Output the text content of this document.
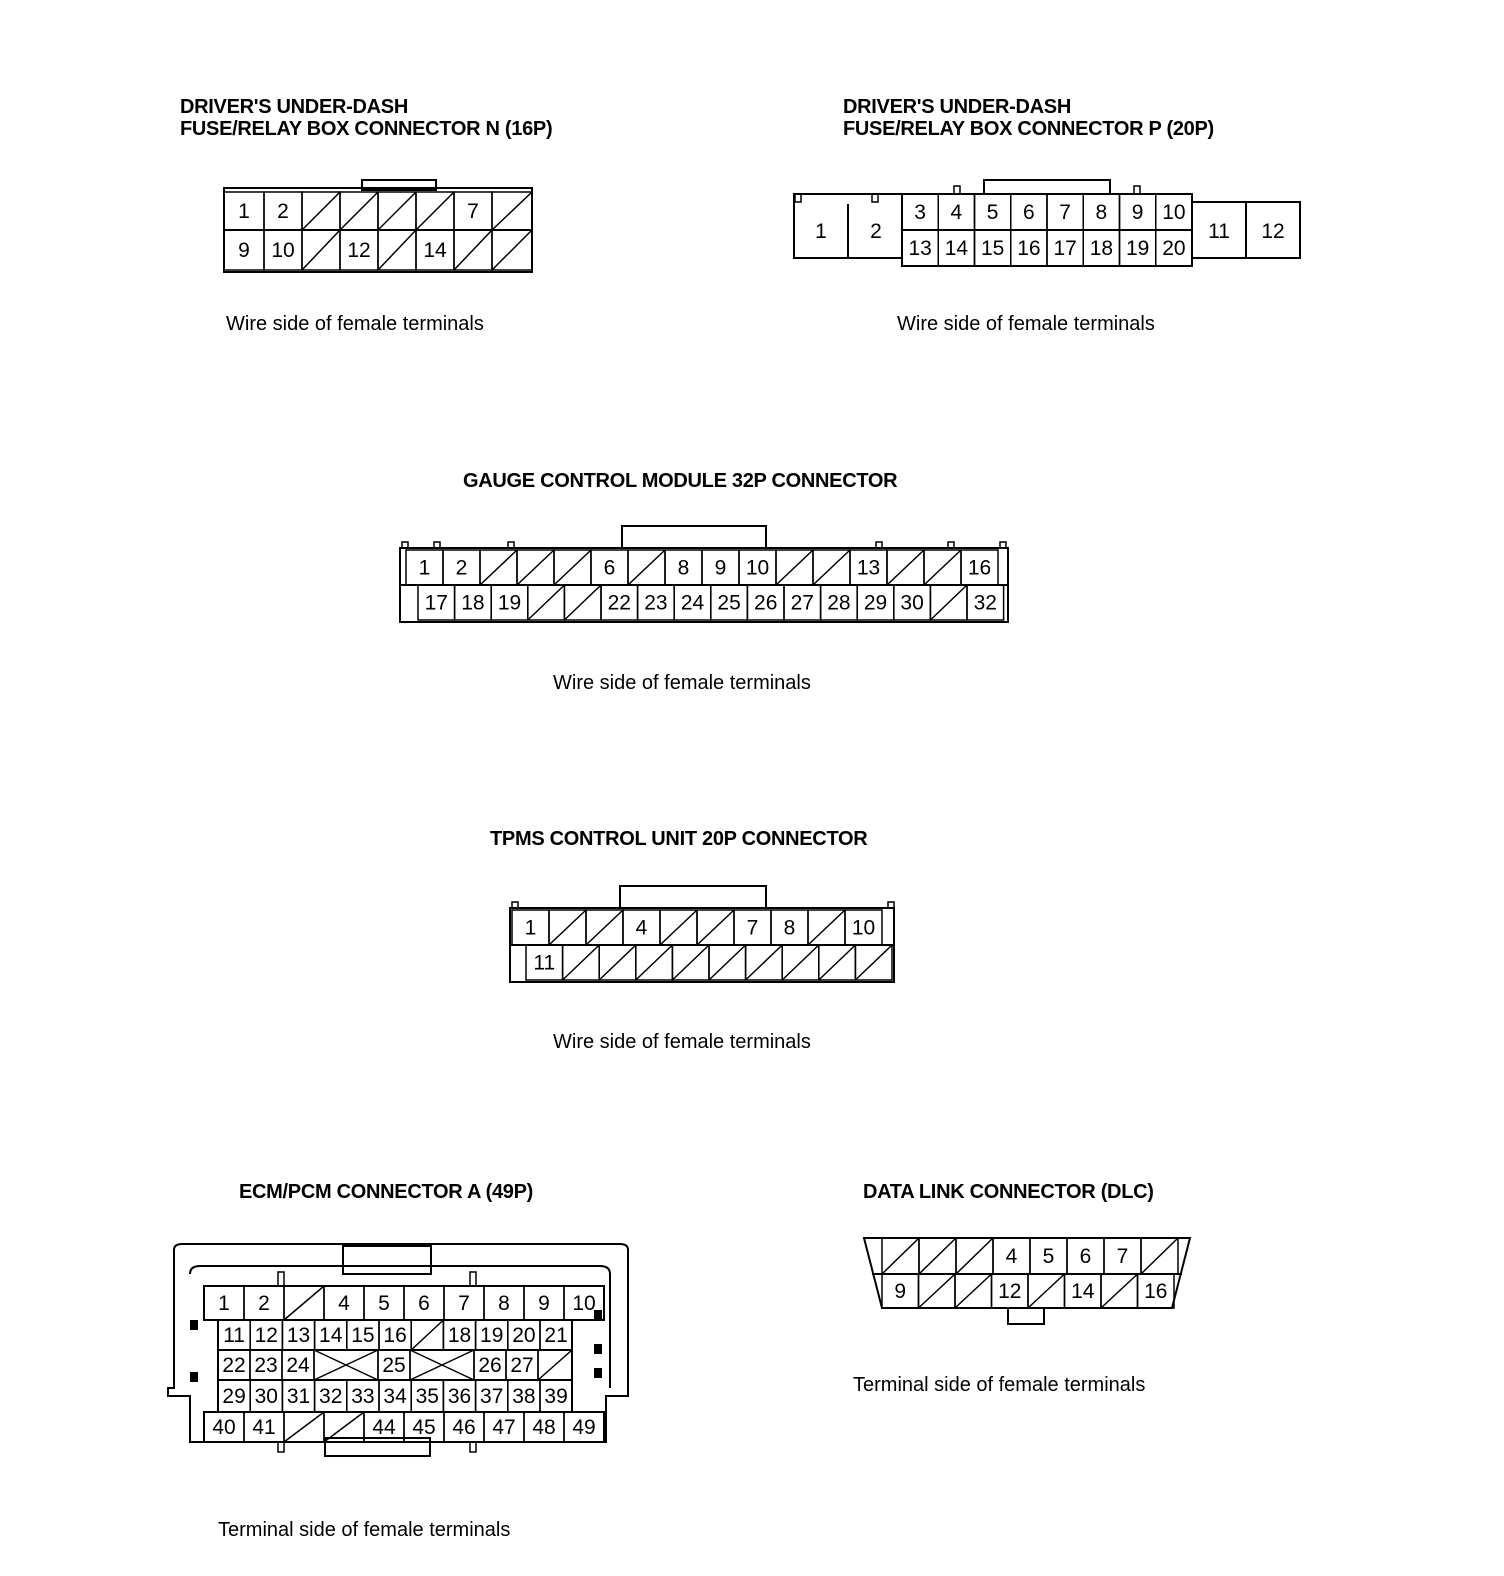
DRIVER'S UNDER-DASH
FUSE/RELAY BOX CONNECTOR N (16P)
1 2	7
9 10	12	14
Wire side of female terminals
DRIVER'S UNDER-DASH
FUSE/RELAY BOX CONNECTOR P (20P)
1 2
3 4 5 6 7 8 9 10
13 14 15 16 17 18 19 20
11 12
Wire side of female terminals
GAUGE CONTROL MODULE 32P CONNECTOR
1 2	6	8 9 10	13	16
17 18 19	22 23 24 25 26 27 28 29 30 32
Wire side of female terminals
TPMS CONTROL UNIT 20P CONNECTOR
1	4	7 8	10
11
Wire side of female terminals
ECM/PCM CONNECTOR A (49P)
1 2	4 5 6 7 8 9 10
11 12 13 14 15 16 18 19 20 21
22 23 24	25	26 27
29 30 31 32 33 34 35 36 37 38 39
40 41	44 45 46 47 48 49
Terminal side of female terminals
DATA LINK CONNECTOR (DLC)
4 5 6 7
9	12 14 16
Terminal side of female terminals
